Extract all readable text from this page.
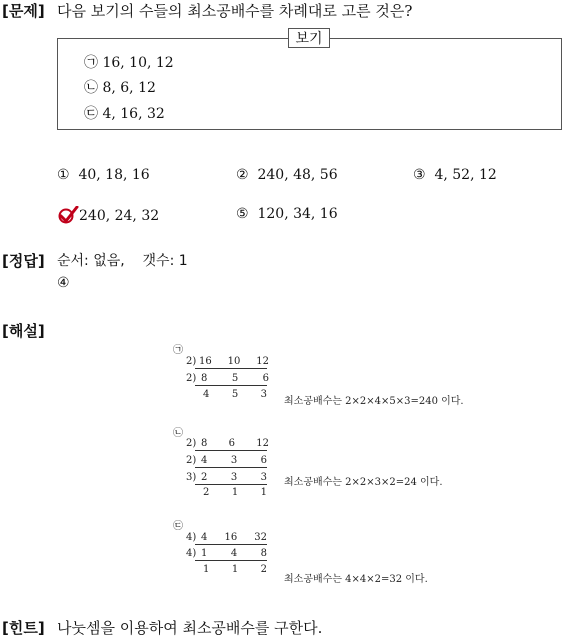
[문제] 다음 보기의 수들의 최소공배수를 차례대로 고른 것은?
보기
㉠ 16, 10, 12
㉡ 8, 6, 12
㉢ 4, 16, 32
① 40, 18, 16	② 240, 48, 56	③ 4, 52, 12
240, 24, 32	⑤ 120, 34, 16
[정답] 순서: 없음, 갯수: 1
④
[해설]
㉠
2) 16 10 12
2) 8 5 6
4 5 3
최소공배수는 2×2×4×5×3=240 이다.
㉡
2) 8 6 12
2) 4 3 6
3) 2 3 3
2 1 1
최소공배수는 2×2×3×2=24 이다.
㉢
4) 4 16 32
4) 1 4 8
1 1 2
최소공배수는 4×4×2=32 이다.
[힌트] 나눗셈을 이용하여 최소공배수를 구한다.
